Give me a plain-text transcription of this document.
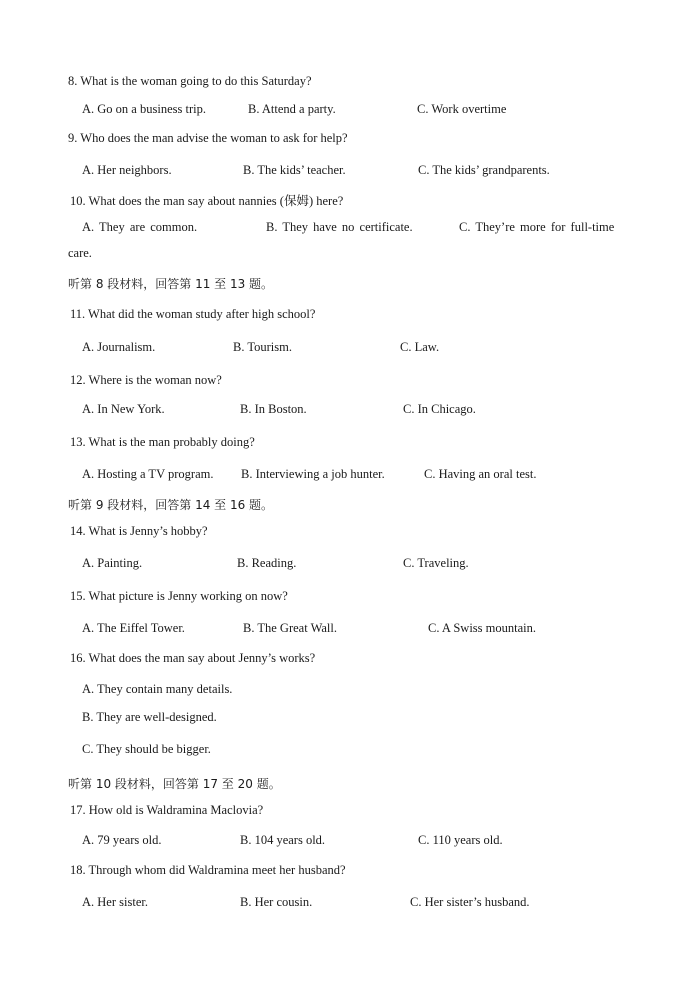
8. What is the woman going to do this Saturday?
A. Go on a business trip.	B. Attend a party.	C. Work overtime
9. Who does the man advise the woman to ask for help?
A. Her neighbors.	B. The kids’ teacher.	C. The kids’ grandparents.
10. What does the man say about nannies (保姆) here?
A. They are common.	B. They have no certificate.	C. They’re more for full-time
care.
听第 8 段材料，回答第 11 至 13 题。
11. What did the woman study after high school?
A. Journalism.	B. Tourism.	C. Law.
12. Where is the woman now?
A. In New York.	B. In Boston.	C. In Chicago.
13. What is the man probably doing?
A. Hosting a TV program. B. Interviewing a job hunter.	C. Having an oral test.
听第 9 段材料，回答第 14 至 16 题。
14. What is Jenny’s hobby?
A. Painting.	B. Reading.	C. Traveling.
15. What picture is Jenny working on now?
A. The Eiffel Tower.	B. The Great Wall.	C. A Swiss mountain.
16. What does the man say about Jenny’s works?
A. They contain many details.
B. They are well-designed.
C. They should be bigger.
听第 10 段材料，回答第 17 至 20 题。
17. How old is Waldramina Maclovia?
A. 79 years old.	B. 104 years old.	C. 110 years old.
18. Through whom did Waldramina meet her husband?
A. Her sister.	B. Her cousin.	C. Her sister’s husband.
